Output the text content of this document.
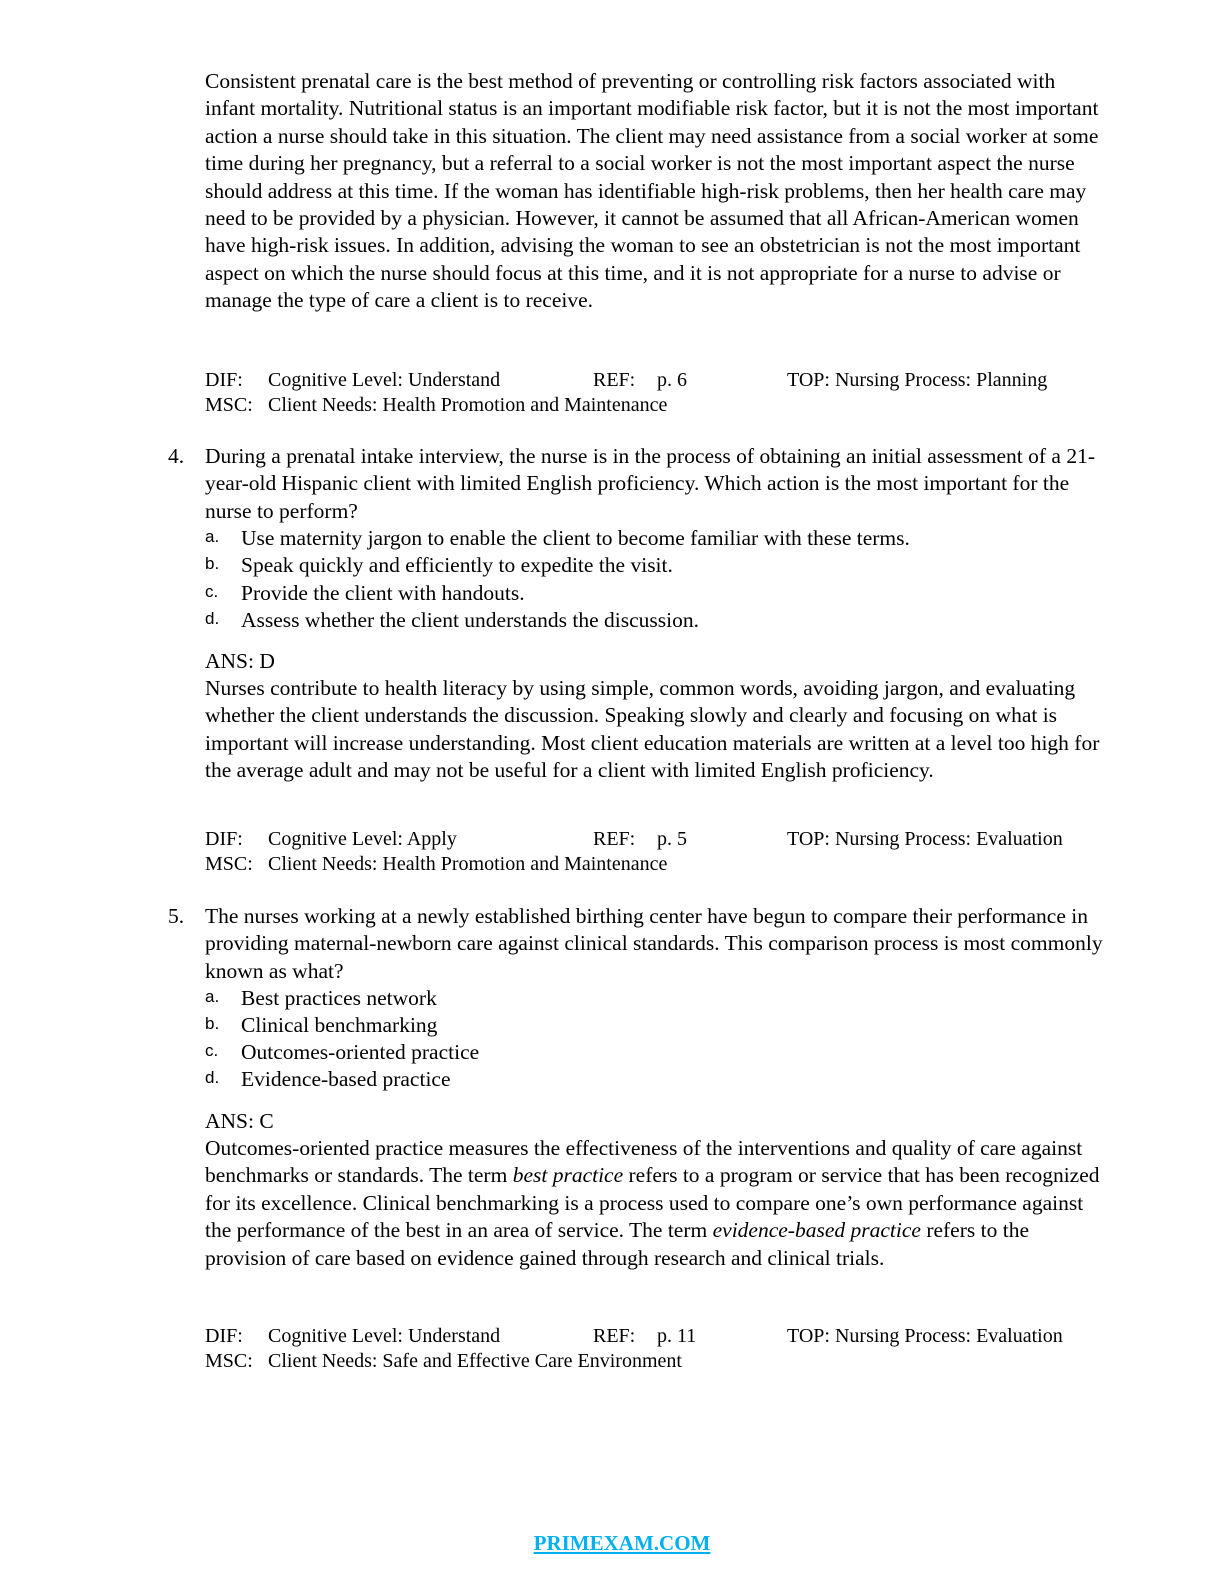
Consistent prenatal care is the best method of preventing or controlling risk factors associated with infant mortality. Nutritional status is an important modifiable risk factor, but it is not the most important action a nurse should take in this situation. The client may need assistance from a social worker at some time during her pregnancy, but a referral to a social worker is not the most important aspect the nurse should address at this time. If the woman has identifiable high-risk problems, then her health care may need to be provided by a physician. However, it cannot be assumed that all African-American women have high-risk issues. In addition, advising the woman to see an obstetrician is not the most important aspect on which the nurse should focus at this time, and it is not appropriate for a nurse to advise or manage the type of care a client is to receive.

DIF: Cognitive Level: Understand	REF: p. 6	TOP: Nursing Process: Planning
MSC: Client Needs: Health Promotion and Maintenance
4. During a prenatal intake interview, the nurse is in the process of obtaining an initial assessment of a 21-year-old Hispanic client with limited English proficiency. Which action is the most important for the nurse to perform?

a. Use maternity jargon to enable the client to become familiar with these terms.
b. Speak quickly and efficiently to expedite the visit.
c. Provide the client with handouts.
d. Assess whether the client understands the discussion.
ANS: D

Nurses contribute to health literacy by using simple, common words, avoiding jargon, and evaluating whether the client understands the discussion. Speaking slowly and clearly and focusing on what is important will increase understanding. Most client education materials are written at a level too high for the average adult and may not be useful for a client with limited English proficiency.

DIF: Cognitive Level: Apply	REF: p. 5	TOP: Nursing Process: Evaluation
MSC: Client Needs: Health Promotion and Maintenance
5. The nurses working at a newly established birthing center have begun to compare their performance in providing maternal-newborn care against clinical standards. This comparison process is most commonly known as what?

a. Best practices network
b. Clinical benchmarking
c. Outcomes-oriented practice
d. Evidence-based practice
ANS: C

Outcomes-oriented practice measures the effectiveness of the interventions and quality of care against benchmarks or standards. The term best practice refers to a program or service that has been recognized for its excellence. Clinical benchmarking is a process used to compare one’s own performance against the performance of the best in an area of service. The term evidence-based practice refers to the provision of care based on evidence gained through research and clinical trials.

DIF: Cognitive Level: Understand	REF: p. 11	TOP: Nursing Process: Evaluation
MSC: Client Needs: Safe and Effective Care Environment
PRIMEXAM.COM
